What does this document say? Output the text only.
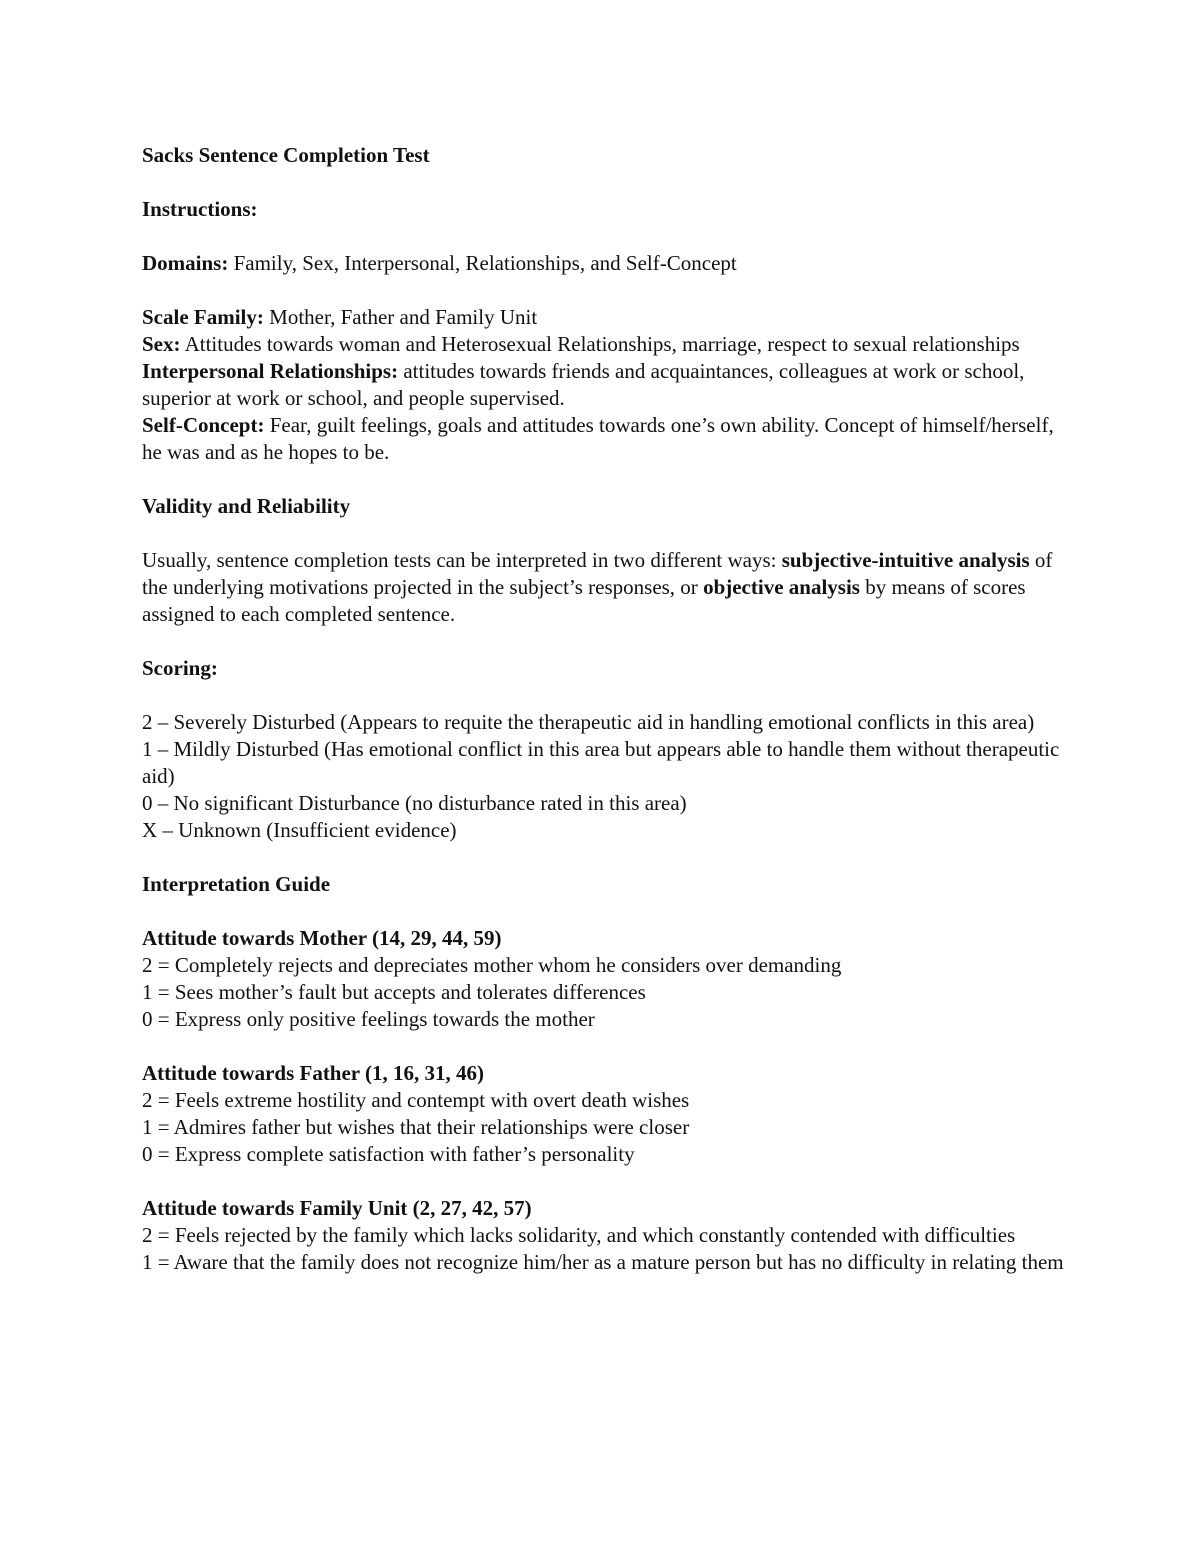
Sacks Sentence Completion Test

Instructions:

Domains: Family, Sex, Interpersonal, Relationships, and Self-Concept

Scale Family: Mother, Father and Family Unit

Sex: Attitudes towards woman and Heterosexual Relationships, marriage, respect to sexual relationships

Interpersonal Relationships: attitudes towards friends and acquaintances, colleagues at work or school, superior at work or school, and people supervised.

Self-Concept: Fear, guilt feelings, goals and attitudes towards one’s own ability. Concept of himself/herself, he was and as he hopes to be.

Validity and Reliability

Usually, sentence completion tests can be interpreted in two different ways: subjective-intuitive analysis of the underlying motivations projected in the subject’s responses, or objective analysis by means of scores assigned to each completed sentence.

Scoring:

2 – Severely Disturbed (Appears to requite the therapeutic aid in handling emotional conflicts in this area)

1 – Mildly Disturbed (Has emotional conflict in this area but appears able to handle them without therapeutic aid)

0 – No significant Disturbance (no disturbance rated in this area)

X – Unknown (Insufficient evidence)

Interpretation Guide

Attitude towards Mother (14, 29, 44, 59)

2 = Completely rejects and depreciates mother whom he considers over demanding

1 = Sees mother’s fault but accepts and tolerates differences

0 = Express only positive feelings towards the mother

Attitude towards Father (1, 16, 31, 46)

2 = Feels extreme hostility and contempt with overt death wishes

1 = Admires father but wishes that their relationships were closer

0 = Express complete satisfaction with father’s personality

Attitude towards Family Unit (2, 27, 42, 57)

2 = Feels rejected by the family which lacks solidarity, and which constantly contended with difficulties

1 = Aware that the family does not recognize him/her as a mature person but has no difficulty in relating them
